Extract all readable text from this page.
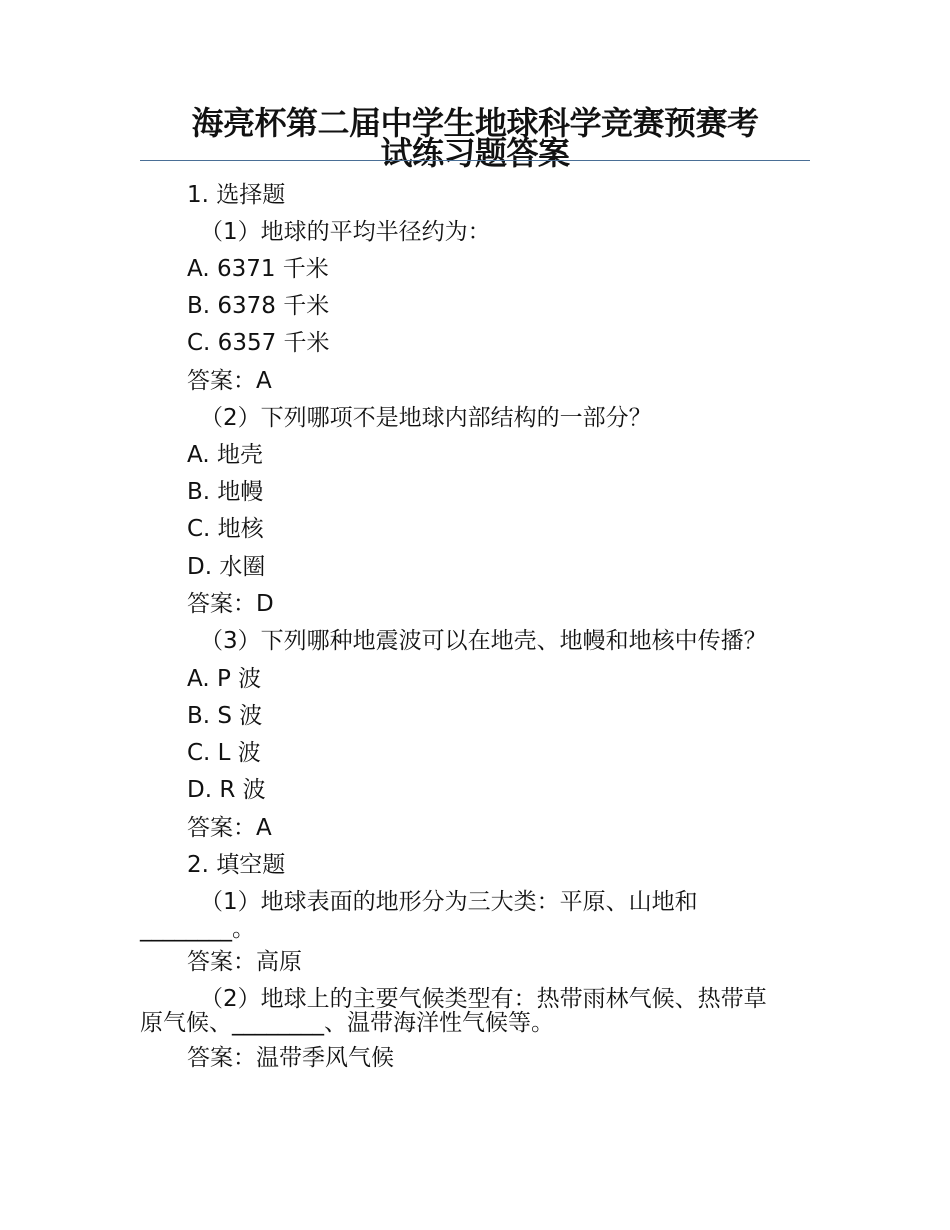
海亮杯第二届中学生地球科学竞赛预赛考
试练习题答案
1. 选择题
（1）地球的平均半径约为：
A. 6371 千米
B. 6378 千米
C. 6357 千米
答案：A
（2）下列哪项不是地球内部结构的一部分？
A. 地壳
B. 地幔
C. 地核
D. 水圈
答案：D
（3）下列哪种地震波可以在地壳、地幔和地核中传播？
A. P 波
B. S 波
C. L 波
D. R 波
答案：A
2. 填空题
（1）地球表面的地形分为三大类：平原、山地和
________。
答案：高原
（2）地球上的主要气候类型有：热带雨林气候、热带草
原气候、________、温带海洋性气候等。
答案：温带季风气候
